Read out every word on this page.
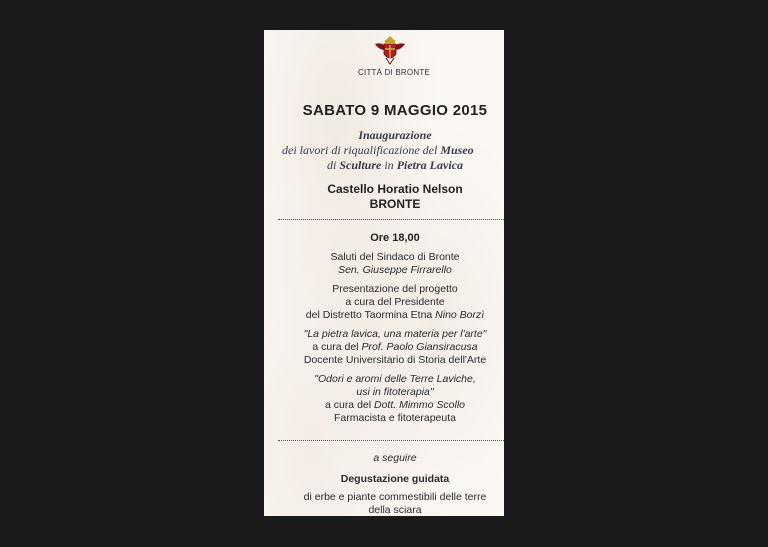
CITTÀ DI BRONTE
SABATO 9 MAGGIO 2015
Inaugurazione
dei lavori di riqualificazione del Museo
di Sculture in Pietra Lavica
Castello Horatio Nelson
BRONTE
Ore 18,00
Saluti del Sindaco di Bronte
Sen. Giuseppe Firrarello
Presentazione del progetto
a cura del Presidente
del Distretto Taormina Etna Nino Borzì
"La pietra lavica, una materia per l'arte"
a cura del Prof. Paolo Giansiracusa
Docente Universitario di Storia dell'Arte
"Odori e aromi delle Terre Laviche,
usi in fitoterapia"
a cura del Dott. Mimmo Scollo
Farmacista e fitoterapeuta
a seguire
Degustazione guidata
di erbe e piante commestibili delle terre
della sciara
